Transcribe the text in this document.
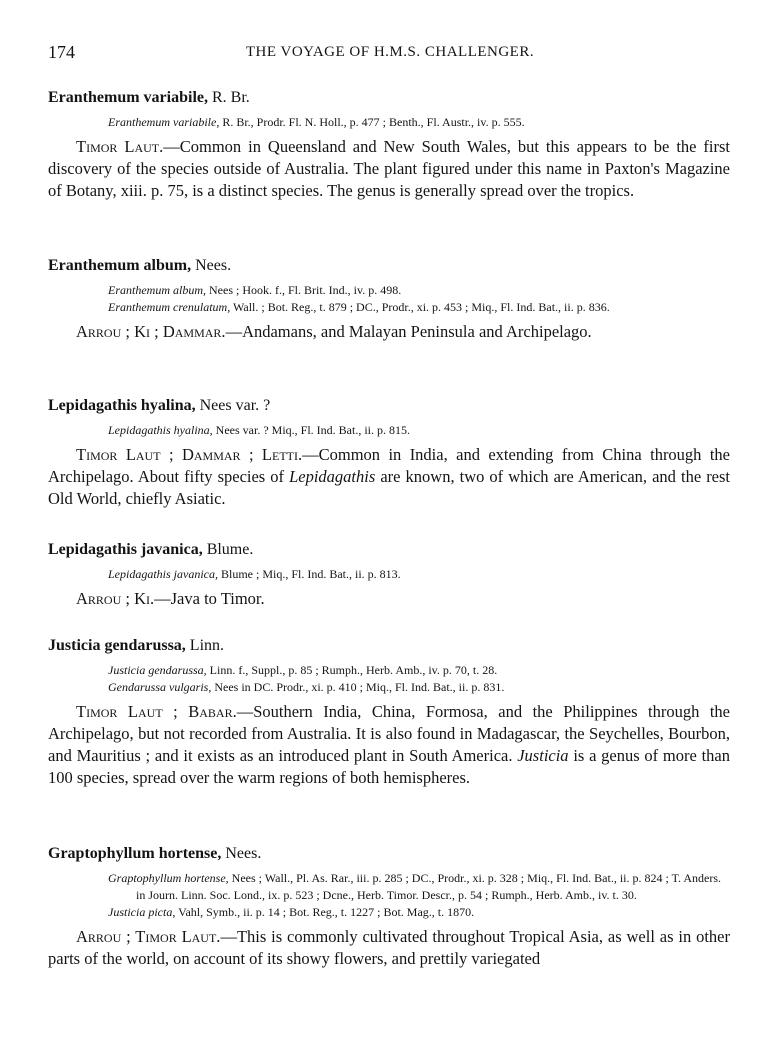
174	THE VOYAGE OF H.M.S. CHALLENGER.
Eranthemum variabile, R. Br.
Eranthemum variabile, R. Br., Prodr. Fl. N. Holl., p. 477 ; Benth., Fl. Austr., iv. p. 555.
Timor Laut.—Common in Queensland and New South Wales, but this appears to be the first discovery of the species outside of Australia. The plant figured under this name in Paxton's Magazine of Botany, xiii. p. 75, is a distinct species. The genus is generally spread over the tropics.
Eranthemum album, Nees.
Eranthemum album, Nees ; Hook. f., Fl. Brit. Ind., iv. p. 498.
Eranthemum crenulatum, Wall. ; Bot. Reg., t. 879 ; DC., Prodr., xi. p. 453 ; Miq., Fl. Ind. Bat., ii. p. 836.
Arrou ; Ki ; Dammar.—Andamans, and Malayan Peninsula and Archipelago.
Lepidagathis hyalina, Nees var. ?
Lepidagathis hyalina, Nees var. ? Miq., Fl. Ind. Bat., ii. p. 815.
Timor Laut ; Dammar ; Letti.—Common in India, and extending from China through the Archipelago. About fifty species of Lepidagathis are known, two of which are American, and the rest Old World, chiefly Asiatic.
Lepidagathis javanica, Blume.
Lepidagathis javanica, Blume ; Miq., Fl. Ind. Bat., ii. p. 813.
Arrou ; Ki.—Java to Timor.
Justicia gendarussa, Linn.
Justicia gendarussa, Linn. f., Suppl., p. 85 ; Rumph., Herb. Amb., iv. p. 70, t. 28.
Gendarussa vulgaris, Nees in DC. Prodr., xi. p. 410 ; Miq., Fl. Ind. Bat., ii. p. 831.
Timor Laut ; Babar.—Southern India, China, Formosa, and the Philippines through the Archipelago, but not recorded from Australia. It is also found in Madagascar, the Seychelles, Bourbon, and Mauritius ; and it exists as an introduced plant in South America. Justicia is a genus of more than 100 species, spread over the warm regions of both hemispheres.
Graptophyllum hortense, Nees.
Graptophyllum hortense, Nees ; Wall., Pl. As. Rar., iii. p. 285 ; DC., Prodr., xi. p. 328 ; Miq., Fl. Ind. Bat., ii. p. 824 ; T. Anders. in Journ. Linn. Soc. Lond., ix. p. 523 ; Dcne., Herb. Timor. Descr., p. 54 ; Rumph., Herb. Amb., iv. t. 30.
Justicia picta, Vahl, Symb., ii. p. 14 ; Bot. Reg., t. 1227 ; Bot. Mag., t. 1870.
Arrou ; Timor Laut.—This is commonly cultivated throughout Tropical Asia, as well as in other parts of the world, on account of its showy flowers, and prettily variegated
